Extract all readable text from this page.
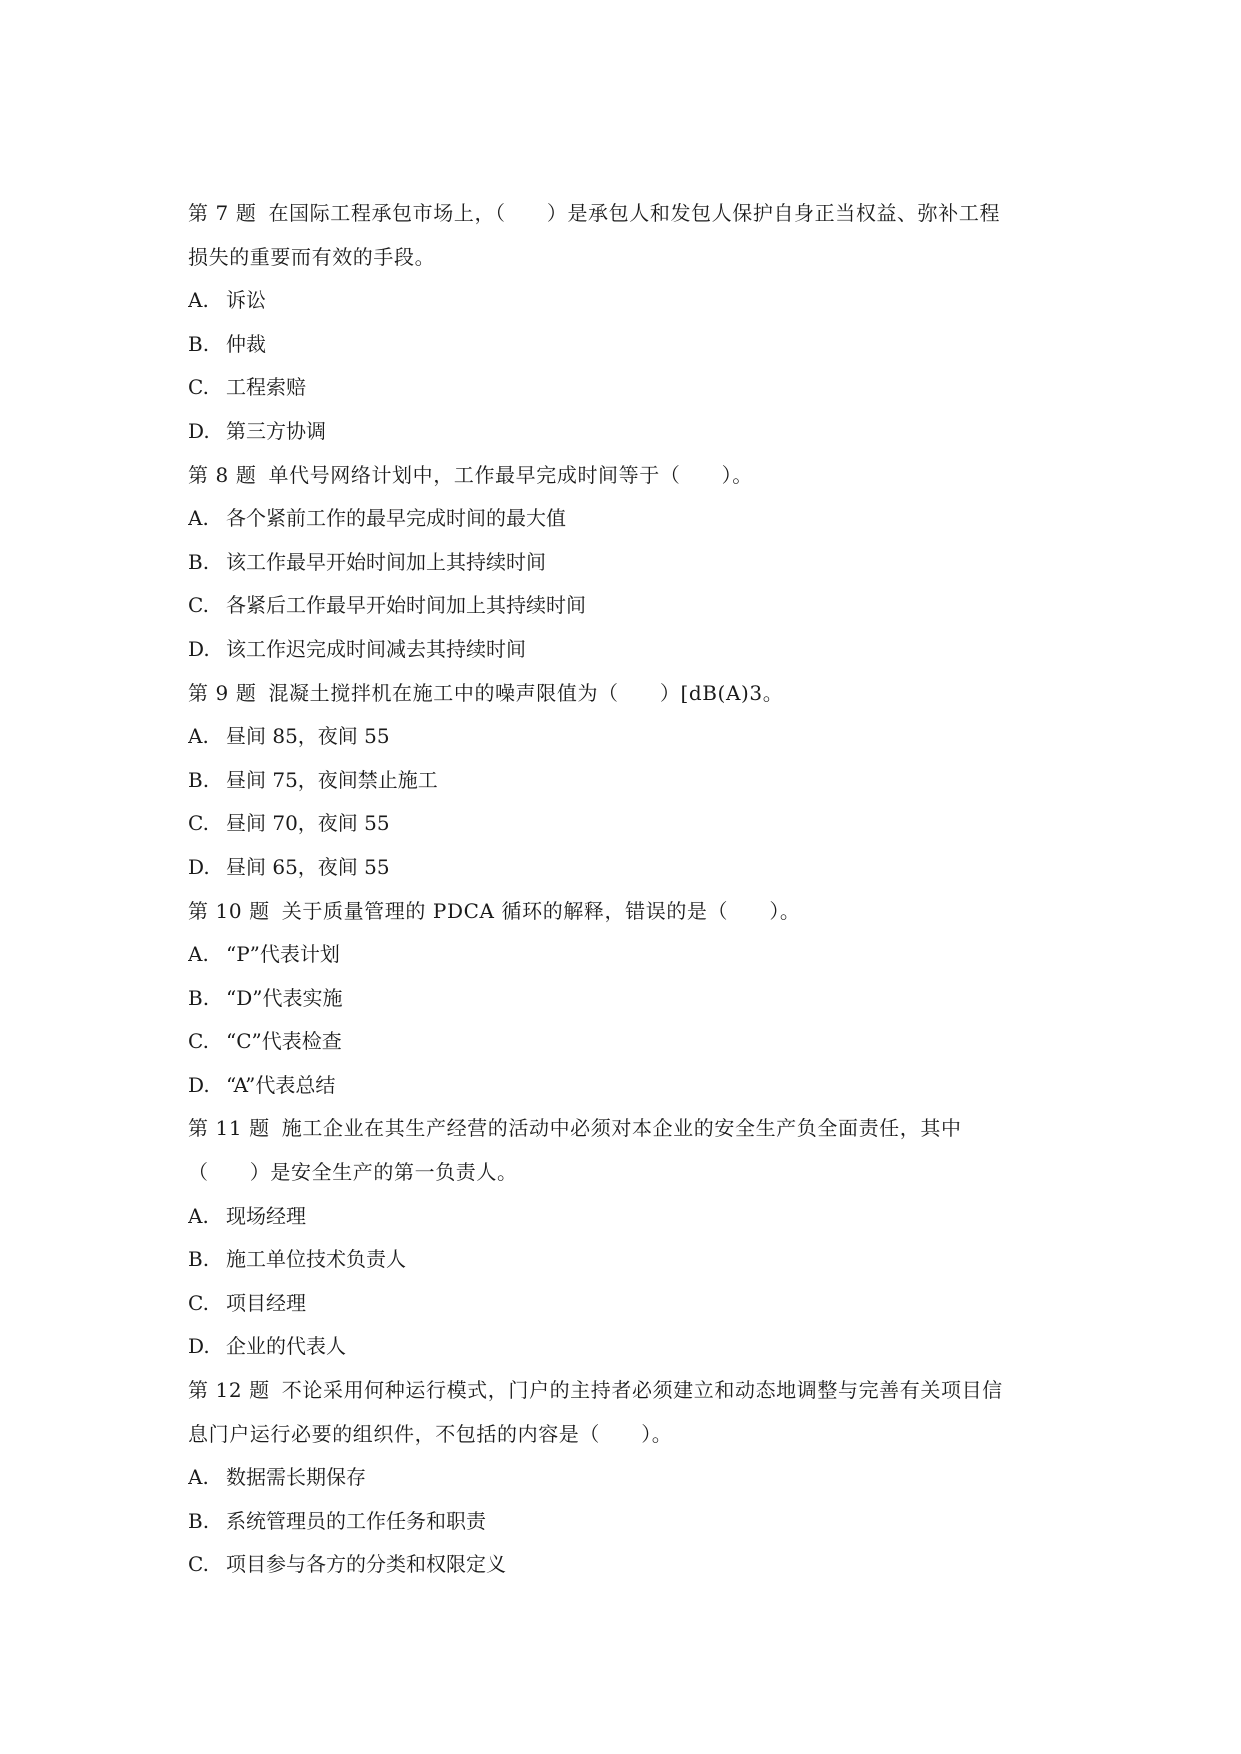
第 7 题 在国际工程承包市场上，（　　）是承包人和发包人保护自身正当权益、弥补工程
损失的重要而有效的手段。
A. 诉讼
B. 仲裁
C. 工程索赔
D. 第三方协调
第 8 题 单代号网络计划中，工作最早完成时间等于（　　）。
A. 各个紧前工作的最早完成时间的最大值
B. 该工作最早开始时间加上其持续时间
C. 各紧后工作最早开始时间加上其持续时间
D. 该工作迟完成时间减去其持续时间
第 9 题 混凝土搅拌机在施工中的噪声限值为（　　）[dB(A)3。
A. 昼间 85，夜间 55
B. 昼间 75，夜间禁止施工
C. 昼间 70，夜间 55
D. 昼间 65，夜间 55
第 10 题 关于质量管理的 PDCA 循环的解释，错误的是（　　）。
A. “P”代表计划
B. “D”代表实施
C. “C”代表检查
D. “A”代表总结
第 11 题 施工企业在其生产经营的活动中必须对本企业的安全生产负全面责任，其中
（　　）是安全生产的第一负责人。
A. 现场经理
B. 施工单位技术负责人
C. 项目经理
D. 企业的代表人
第 12 题 不论采用何种运行模式，门户的主持者必须建立和动态地调整与完善有关项目信
息门户运行必要的组织件，不包括的内容是（　　）。
A. 数据需长期保存
B. 系统管理员的工作任务和职责
C. 项目参与各方的分类和权限定义
